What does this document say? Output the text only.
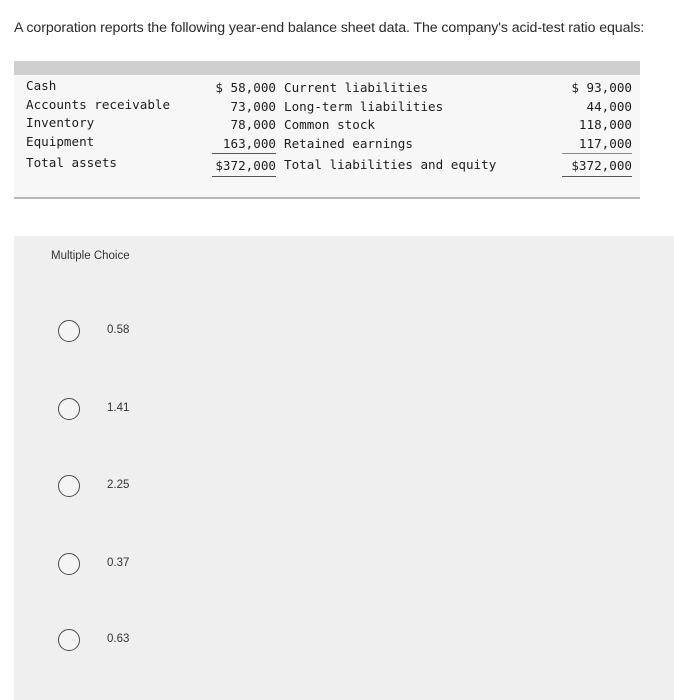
A corporation reports the following year-end balance sheet data. The company's acid-test ratio equals:
Cash
Accounts receivable
Inventory
Equipment
Total assets
$ 58,000
73,000
78,000
163,000
$372,000
Current liabilities
Long-term liabilities
Common stock
Retained earnings
Total liabilities and equity
$ 93,000
44,000
118,000
117,000
$372,000
Multiple Choice
0.58
1.41
2.25
0.37
0.63
